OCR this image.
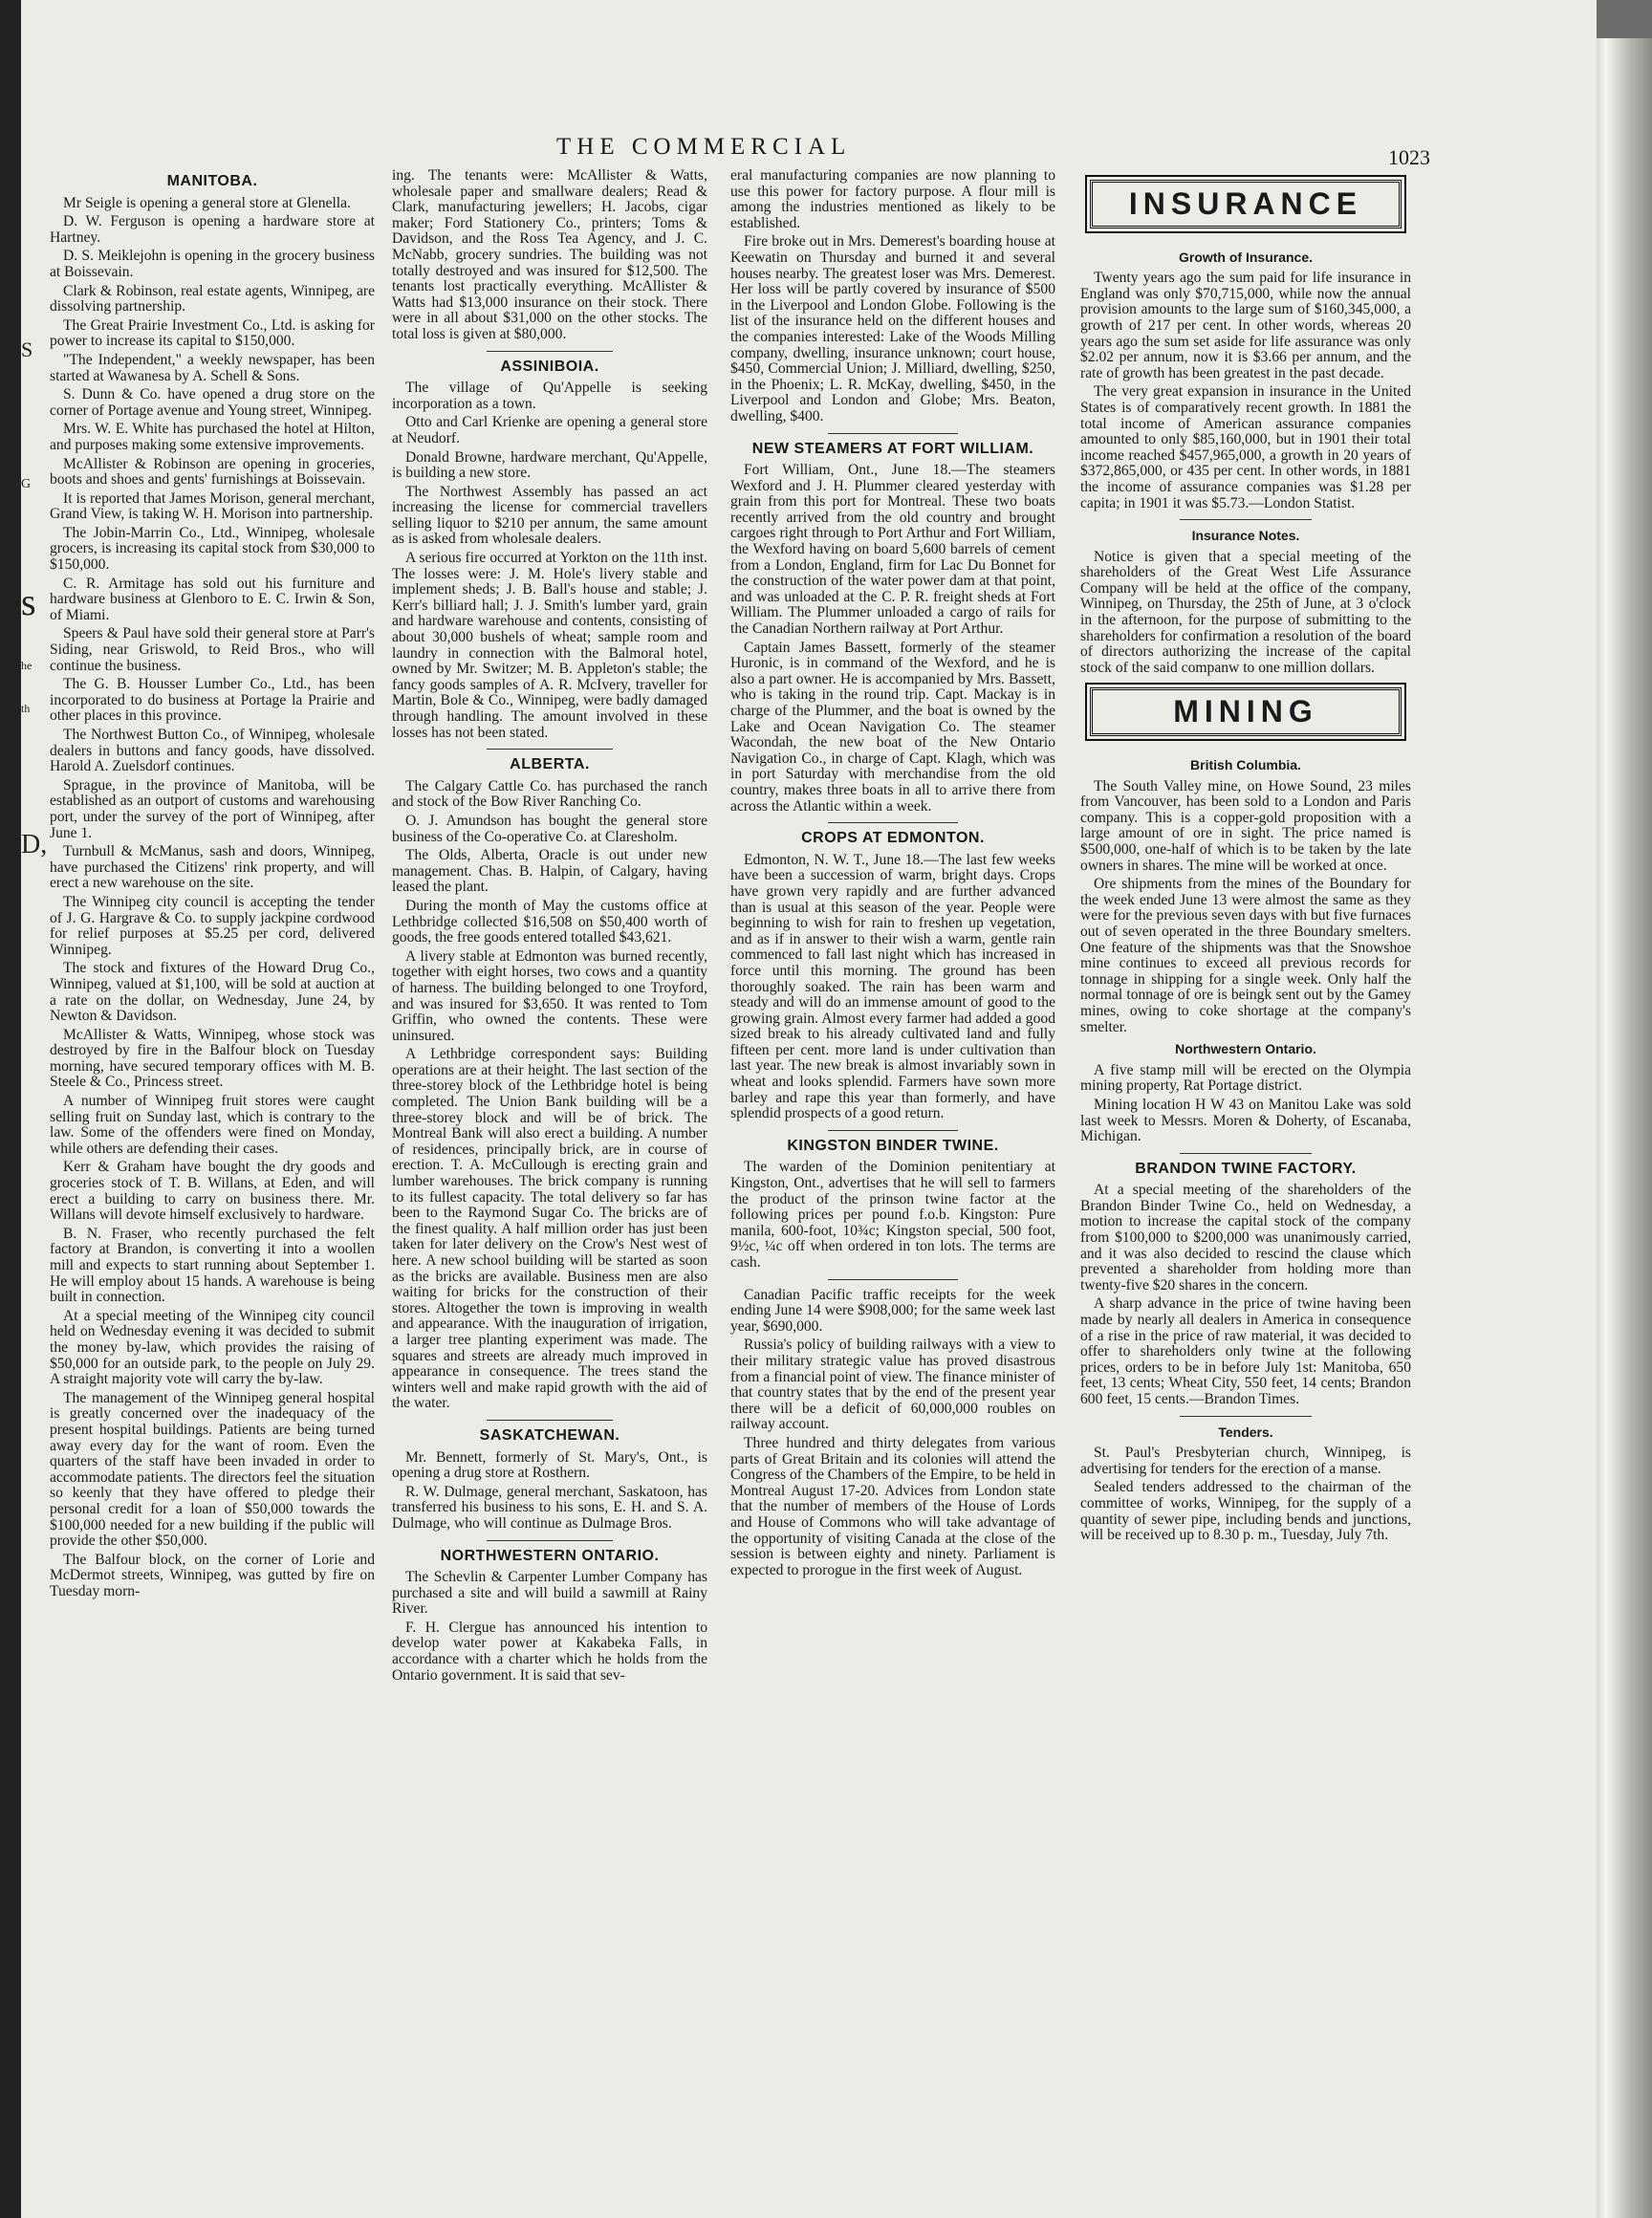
S
G
s
he
th
D,
THE COMMERCIAL	1023
MANITOBA.

Mr Seigle is opening a general store at Glenella.

D. W. Ferguson is opening a hardware store at Hartney.

D. S. Meiklejohn is opening in the grocery business at Boissevain.

Clark & Robinson, real estate agents, Winnipeg, are dissolving partnership.

The Great Prairie Investment Co., Ltd. is asking for power to increase its capital to $150,000.

"The Independent," a weekly newspaper, has been started at Wawanesa by A. Schell & Sons.

S. Dunn & Co. have opened a drug store on the corner of Portage avenue and Young street, Winnipeg.

Mrs. W. E. White has purchased the hotel at Hilton, and purposes making some extensive improvements.

McAllister & Robinson are opening in groceries, boots and shoes and gents' furnishings at Boissevain.

It is reported that James Morison, general merchant, Grand View, is taking W. H. Morison into partnership.

The Jobin-Marrin Co., Ltd., Winnipeg, wholesale grocers, is increasing its capital stock from $30,000 to $150,000.

C. R. Armitage has sold out his furniture and hardware business at Glenboro to E. C. Irwin & Son, of Miami.

Speers & Paul have sold their general store at Parr's Siding, near Griswold, to Reid Bros., who will continue the business.

The G. B. Housser Lumber Co., Ltd., has been incorporated to do business at Portage la Prairie and other places in this province.

The Northwest Button Co., of Winnipeg, wholesale dealers in buttons and fancy goods, have dissolved. Harold A. Zuelsdorf continues.

Sprague, in the province of Manitoba, will be established as an outport of customs and warehousing port, under the survey of the port of Winnipeg, after June 1.

Turnbull & McManus, sash and doors, Winnipeg, have purchased the Citizens' rink property, and will erect a new warehouse on the site.

The Winnipeg city council is accepting the tender of J. G. Hargrave & Co. to supply jackpine cordwood for relief purposes at $5.25 per cord, delivered Winnipeg.

The stock and fixtures of the Howard Drug Co., Winnipeg, valued at $1,100, will be sold at auction at a rate on the dollar, on Wednesday, June 24, by Newton & Davidson.

McAllister & Watts, Winnipeg, whose stock was destroyed by fire in the Balfour block on Tuesday morning, have secured temporary offices with M. B. Steele & Co., Princess street.

A number of Winnipeg fruit stores were caught selling fruit on Sunday last, which is contrary to the law. Some of the offenders were fined on Monday, while others are defending their cases.

Kerr & Graham have bought the dry goods and groceries stock of T. B. Willans, at Eden, and will erect a building to carry on business there. Mr. Willans will devote himself exclusively to hardware.

B. N. Fraser, who recently purchased the felt factory at Brandon, is converting it into a woollen mill and expects to start running about September 1. He will employ about 15 hands. A warehouse is being built in connection.

At a special meeting of the Winnipeg city council held on Wednesday evening it was decided to submit the money by-law, which provides the raising of $50,000 for an outside park, to the people on July 29. A straight majority vote will carry the by-law.

The management of the Winnipeg general hospital is greatly concerned over the inadequacy of the present hospital buildings. Patients are being turned away every day for the want of room. Even the quarters of the staff have been invaded in order to accommodate patients. The directors feel the situation so keenly that they have offered to pledge their personal credit for a loan of $50,000 towards the $100,000 needed for a new building if the public will provide the other $50,000.

The Balfour block, on the corner of Lorie and McDermot streets, Winnipeg, was gutted by fire on Tuesday morn-

ing. The tenants were: McAllister & Watts, wholesale paper and smallware dealers; Read & Clark, manufacturing jewellers; H. Jacobs, cigar maker; Ford Stationery Co., printers; Toms & Davidson, and the Ross Tea Agency, and J. C. McNabb, grocery sundries. The building was not totally destroyed and was insured for $12,500. The tenants lost practically everything. McAllister & Watts had $13,000 insurance on their stock. There were in all about $31,000 on the other stocks. The total loss is given at $80,000.

ASSINIBOIA.

The village of Qu'Appelle is seeking incorporation as a town.

Otto and Carl Krienke are opening a general store at Neudorf.

Donald Browne, hardware merchant, Qu'Appelle, is building a new store.

The Northwest Assembly has passed an act increasing the license for commercial travellers selling liquor to $210 per annum, the same amount as is asked from wholesale dealers.

A serious fire occurred at Yorkton on the 11th inst. The losses were: J. M. Hole's livery stable and implement sheds; J. B. Ball's house and stable; J. Kerr's billiard hall; J. J. Smith's lumber yard, grain and hardware warehouse and contents, consisting of about 30,000 bushels of wheat; sample room and laundry in connection with the Balmoral hotel, owned by Mr. Switzer; M. B. Appleton's stable; the fancy goods samples of A. R. McIvery, traveller for Martin, Bole & Co., Winnipeg, were badly damaged through handling. The amount involved in these losses has not been stated.

ALBERTA.

The Calgary Cattle Co. has purchased the ranch and stock of the Bow River Ranching Co.

O. J. Amundson has bought the general store business of the Co-operative Co. at Claresholm.

The Olds, Alberta, Oracle is out under new management. Chas. B. Halpin, of Calgary, having leased the plant.

During the month of May the customs office at Lethbridge collected $16,508 on $50,400 worth of goods, the free goods entered totalled $43,621.

A livery stable at Edmonton was burned recently, together with eight horses, two cows and a quantity of harness. The building belonged to one Troyford, and was insured for $3,650. It was rented to Tom Griffin, who owned the contents. These were uninsured.

A Lethbridge correspondent says: Building operations are at their height. The last section of the three-storey block of the Lethbridge hotel is being completed. The Union Bank building will be a three-storey block and will be of brick. The Montreal Bank will also erect a building. A number of residences, principally brick, are in course of erection. T. A. McCullough is erecting grain and lumber warehouses. The brick company is running to its fullest capacity. The total delivery so far has been to the Raymond Sugar Co. The bricks are of the finest quality. A half million order has just been taken for later delivery on the Crow's Nest west of here. A new school building will be started as soon as the bricks are available. Business men are also waiting for bricks for the construction of their stores. Altogether the town is improving in wealth and appearance. With the inauguration of irrigation, a larger tree planting experiment was made. The squares and streets are already much improved in appearance in consequence. The trees stand the winters well and make rapid growth with the aid of the water.

SASKATCHEWAN.

Mr. Bennett, formerly of St. Mary's, Ont., is opening a drug store at Rosthern.

R. W. Dulmage, general merchant, Saskatoon, has transferred his business to his sons, E. H. and S. A. Dulmage, who will continue as Dulmage Bros.

NORTHWESTERN ONTARIO.

The Schevlin & Carpenter Lumber Company has purchased a site and will build a sawmill at Rainy River.

F. H. Clergue has announced his intention to develop water power at Kakabeka Falls, in accordance with a charter which he holds from the Ontario government. It is said that sev-

eral manufacturing companies are now planning to use this power for factory purpose. A flour mill is among the industries mentioned as likely to be established.

Fire broke out in Mrs. Demerest's boarding house at Keewatin on Thursday and burned it and several houses nearby. The greatest loser was Mrs. Demerest. Her loss will be partly covered by insurance of $500 in the Liverpool and London Globe. Following is the list of the insurance held on the different houses and the companies interested: Lake of the Woods Milling company, dwelling, insurance unknown; court house, $450, Commercial Union; J. Milliard, dwelling, $250, in the Phoenix; L. R. McKay, dwelling, $450, in the Liverpool and London and Globe; Mrs. Beaton, dwelling, $400.

NEW STEAMERS AT FORT WILLIAM.

Fort William, Ont., June 18.—The steamers Wexford and J. H. Plummer cleared yesterday with grain from this port for Montreal. These two boats recently arrived from the old country and brought cargoes right through to Port Arthur and Fort William, the Wexford having on board 5,600 barrels of cement from a London, England, firm for Lac Du Bonnet for the construction of the water power dam at that point, and was unloaded at the C. P. R. freight sheds at Fort William. The Plummer unloaded a cargo of rails for the Canadian Northern railway at Port Arthur.

Captain James Bassett, formerly of the steamer Huronic, is in command of the Wexford, and he is also a part owner. He is accompanied by Mrs. Bassett, who is taking in the round trip. Capt. Mackay is in charge of the Plummer, and the boat is owned by the Lake and Ocean Navigation Co. The steamer Wacondah, the new boat of the New Ontario Navigation Co., in charge of Capt. Klagh, which was in port Saturday with merchandise from the old country, makes three boats in all to arrive there from across the Atlantic within a week.

CROPS AT EDMONTON.

Edmonton, N. W. T., June 18.—The last few weeks have been a succession of warm, bright days. Crops have grown very rapidly and are further advanced than is usual at this season of the year. People were beginning to wish for rain to freshen up vegetation, and as if in answer to their wish a warm, gentle rain commenced to fall last night which has increased in force until this morning. The ground has been thoroughly soaked. The rain has been warm and steady and will do an immense amount of good to the growing grain. Almost every farmer had added a good sized break to his already cultivated land and fully fifteen per cent. more land is under cultivation than last year. The new break is almost invariably sown in wheat and looks splendid. Farmers have sown more barley and rape this year than formerly, and have splendid prospects of a good return.

KINGSTON BINDER TWINE.

The warden of the Dominion penitentiary at Kingston, Ont., advertises that he will sell to farmers the product of the prinson twine factor at the following prices per pound f.o.b. Kingston: Pure manila, 600-foot, 10¾c; Kingston special, 500 foot, 9½c, ¼c off when ordered in ton lots. The terms are cash.

Canadian Pacific traffic receipts for the week ending June 14 were $908,000; for the same week last year, $690,000.

Russia's policy of building railways with a view to their military strategic value has proved disastrous from a financial point of view. The finance minister of that country states that by the end of the present year there will be a deficit of 60,000,000 roubles on railway account.

Three hundred and thirty delegates from various parts of Great Britain and its colonies will attend the Congress of the Chambers of the Empire, to be held in Montreal August 17-20. Advices from London state that the number of members of the House of Lords and House of Commons who will take advantage of the opportunity of visiting Canada at the close of the session is between eighty and ninety. Parliament is expected to prorogue in the first week of August.

INSURANCE
Growth of Insurance.

Twenty years ago the sum paid for life insurance in England was only $70,715,000, while now the annual provision amounts to the large sum of $160,345,000, a growth of 217 per cent. In other words, whereas 20 years ago the sum set aside for life assurance was only $2.02 per annum, now it is $3.66 per annum, and the rate of growth has been greatest in the past decade.

The very great expansion in insurance in the United States is of comparatively recent growth. In 1881 the total income of American assurance companies amounted to only $85,160,000, but in 1901 their total income reached $457,965,000, a growth in 20 years of $372,865,000, or 435 per cent. In other words, in 1881 the income of assurance companies was $1.28 per capita; in 1901 it was $5.73.—London Statist.

Insurance Notes.

Notice is given that a special meeting of the shareholders of the Great West Life Assurance Company will be held at the office of the company, Winnipeg, on Thursday, the 25th of June, at 3 o'clock in the afternoon, for the purpose of submitting to the shareholders for confirmation a resolution of the board of directors authorizing the increase of the capital stock of the said companw to one million dollars.

MINING
British Columbia.

The South Valley mine, on Howe Sound, 23 miles from Vancouver, has been sold to a London and Paris company. This is a copper-gold proposition with a large amount of ore in sight. The price named is $500,000, one-half of which is to be taken by the late owners in shares. The mine will be worked at once.

Ore shipments from the mines of the Boundary for the week ended June 13 were almost the same as they were for the previous seven days with but five furnaces out of seven operated in the three Boundary smelters. One feature of the shipments was that the Snowshoe mine continues to exceed all previous records for tonnage in shipping for a single week. Only half the normal tonnage of ore is beingk sent out by the Gamey mines, owing to coke shortage at the company's smelter.

Northwestern Ontario.

A five stamp mill will be erected on the Olympia mining property, Rat Portage district.

Mining location H W 43 on Manitou Lake was sold last week to Messrs. Moren & Doherty, of Escanaba, Michigan.

BRANDON TWINE FACTORY.

At a special meeting of the shareholders of the Brandon Binder Twine Co., held on Wednesday, a motion to increase the capital stock of the company from $100,000 to $200,000 was unanimously carried, and it was also decided to rescind the clause which prevented a shareholder from holding more than twenty-five $20 shares in the concern.

A sharp advance in the price of twine having been made by nearly all dealers in America in consequence of a rise in the price of raw material, it was decided to offer to shareholders only twine at the following prices, orders to be in before July 1st: Manitoba, 650 feet, 13 cents; Wheat City, 550 feet, 14 cents; Brandon 600 feet, 15 cents.—Brandon Times.

Tenders.

St. Paul's Presbyterian church, Winnipeg, is advertising for tenders for the erection of a manse.

Sealed tenders addressed to the chairman of the committee of works, Winnipeg, for the supply of a quantity of sewer pipe, including bends and junctions, will be received up to 8.30 p. m., Tuesday, July 7th.
